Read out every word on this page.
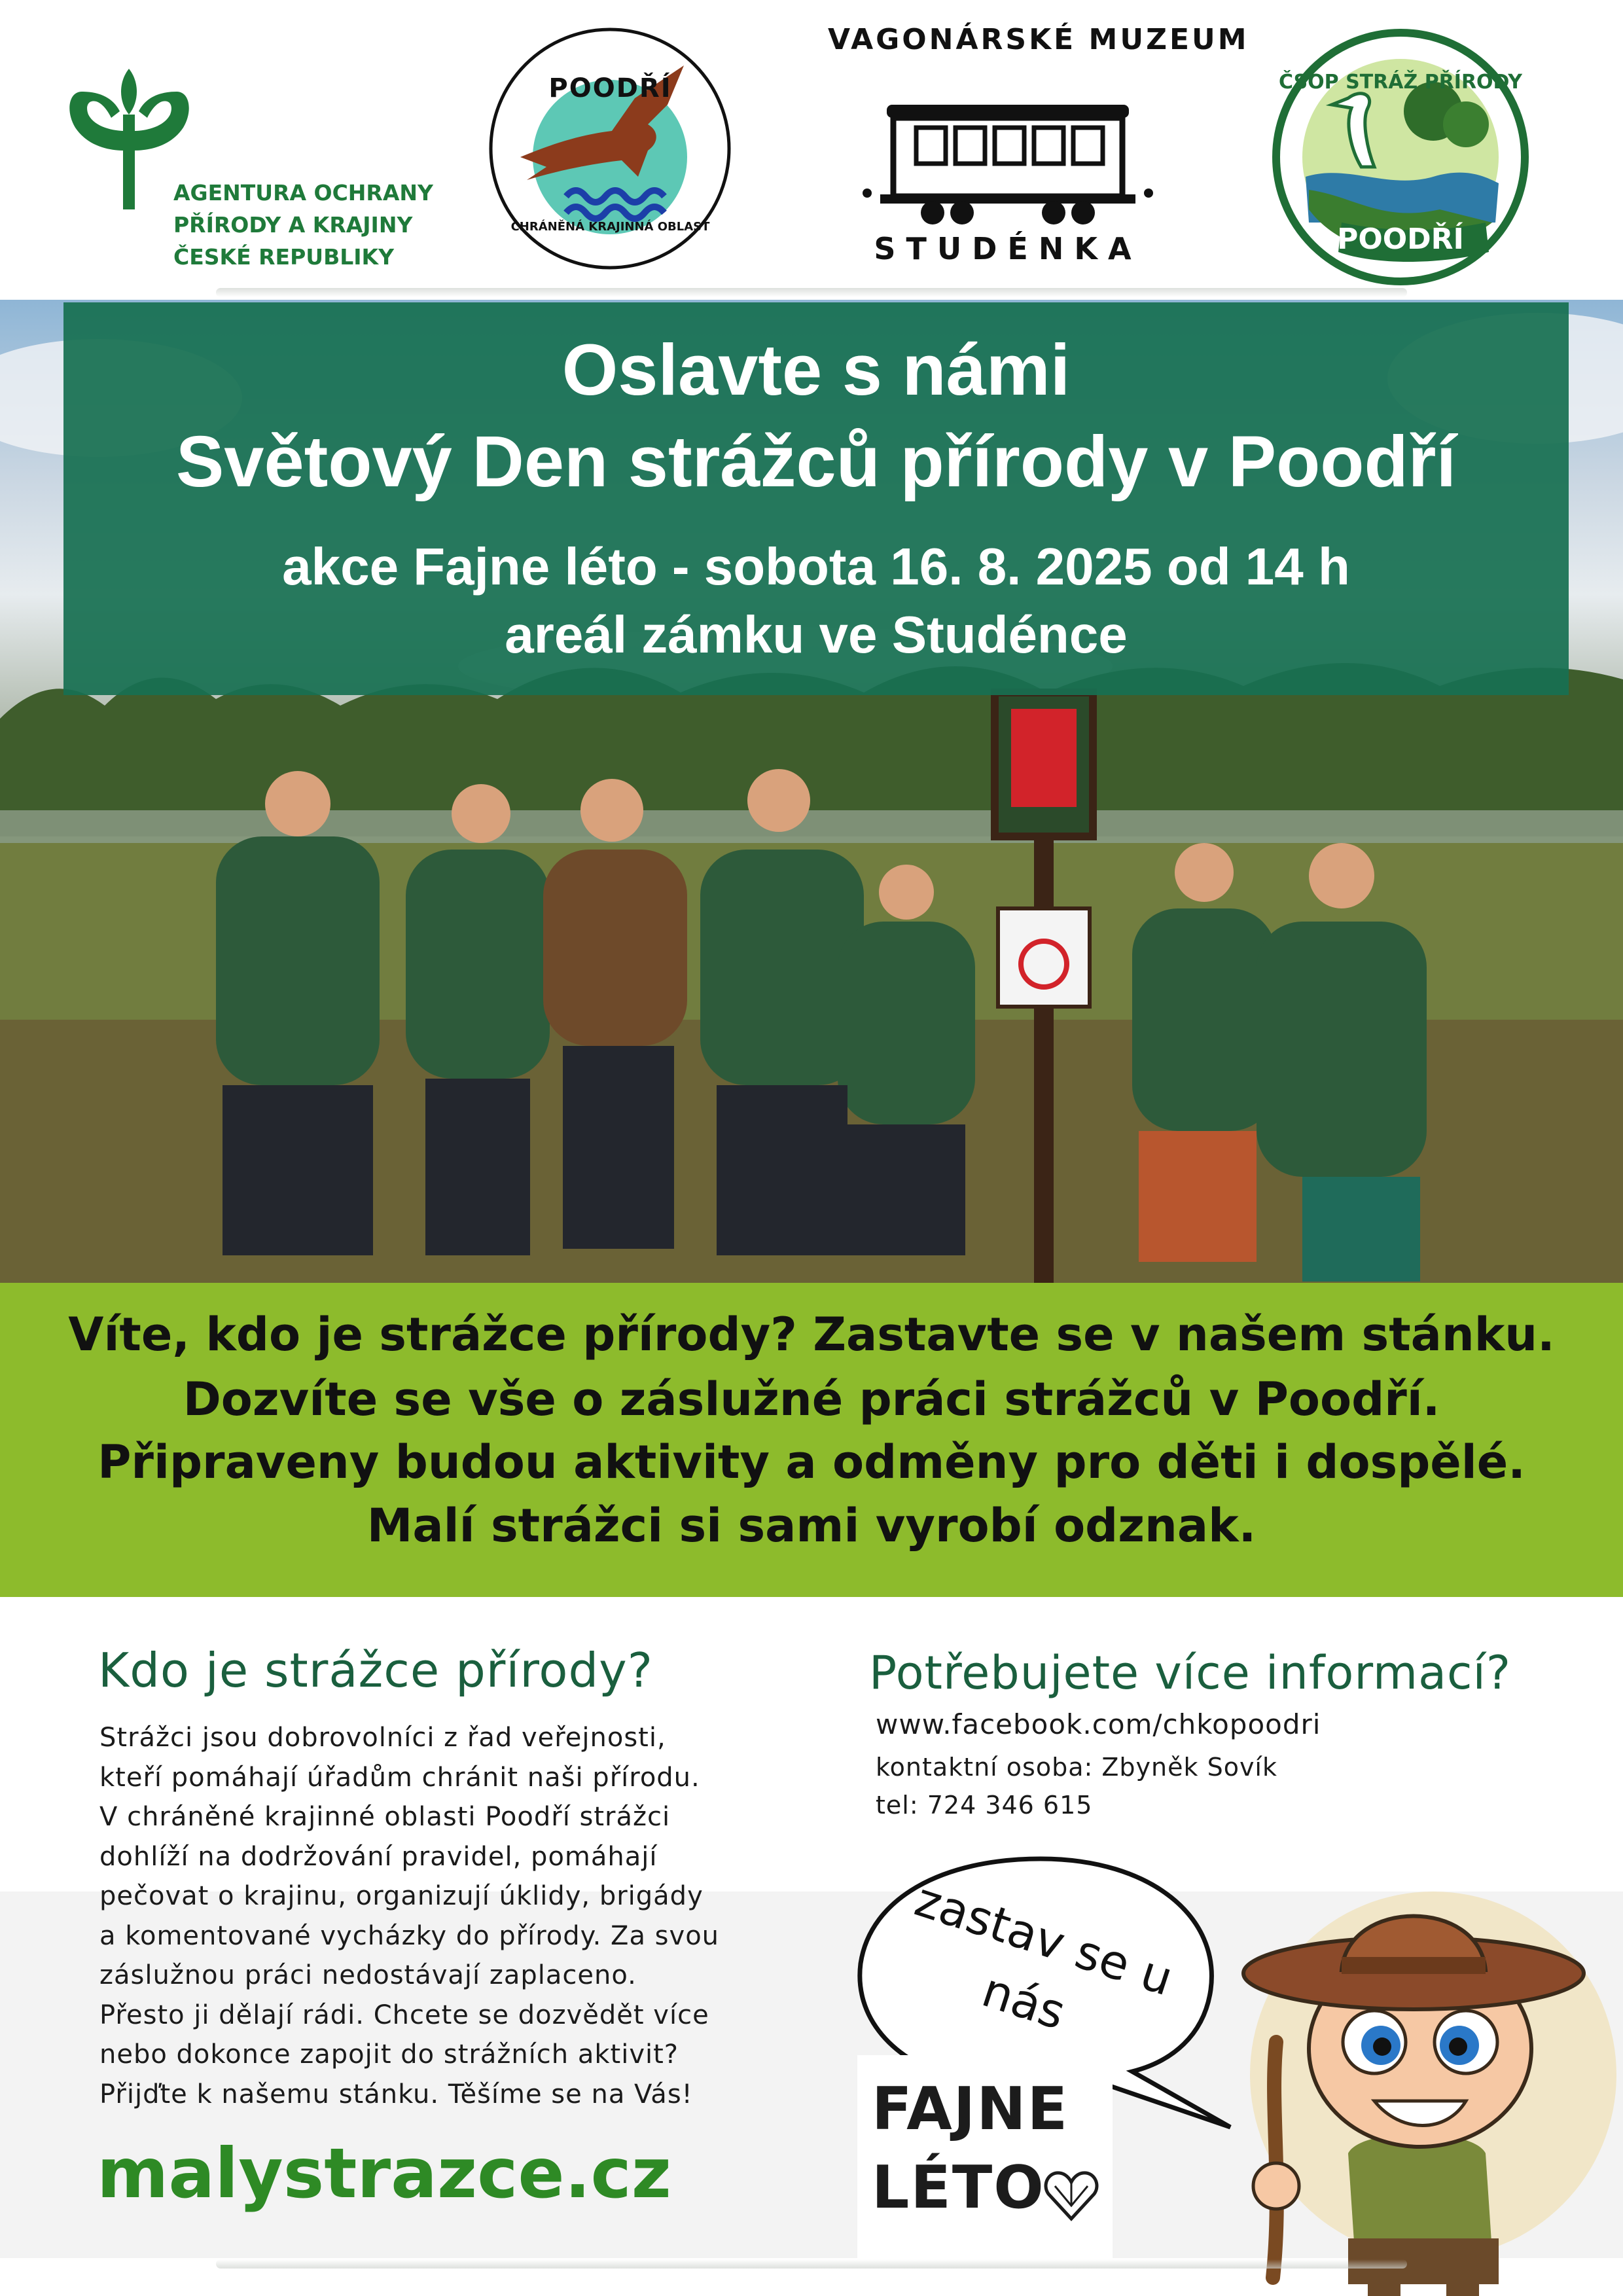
AGENTURA OCHRANY
PŘÍRODY A KRAJINY
ČESKÉ REPUBLIKY
POODŘÍ
CHRÁNĚNÁ KRAJINNÁ OBLAST
VAGONÁRSKÉ MUZEUM
STUDÉNKA
ČSOP STRÁŽ PŘÍRODY
POODŘÍ
Oslavte s námi
Světový Den strážců přírody v Poodří
akce Fajne léto - sobota 16. 8. 2025 od 14 h
areál zámku ve Studénce
Víte, kdo je strážce přírody? Zastavte se v našem stánku.
Dozvíte se vše o záslužné práci strážců v Poodří.
Připraveny budou aktivity a odměny pro děti i dospělé.
Malí strážci si sami vyrobí odznak.
Kdo je strážce přírody?
Strážci jsou dobrovolníci z řad veřejnosti,
kteří pomáhají úřadům chránit naši přírodu.
V chráněné krajinné oblasti Poodří strážci
dohlíží na dodržování pravidel, pomáhají
pečovat o krajinu, organizují úklidy, brigády
a komentované vycházky do přírody. Za svou
záslužnou práci nedostávají zaplaceno.
Přesto ji dělají rádi. Chcete se dozvědět více
nebo dokonce zapojit do strážních aktivit?
Přijďte k našemu stánku. Těšíme se na Vás!
malystrazce.cz
Potřebujete více informací?
www.facebook.com/chkopoodri
kontaktní osoba: Zbyněk Sovík
tel: 724 346 615
zastav se u nás
FAJNE
LÉTO
